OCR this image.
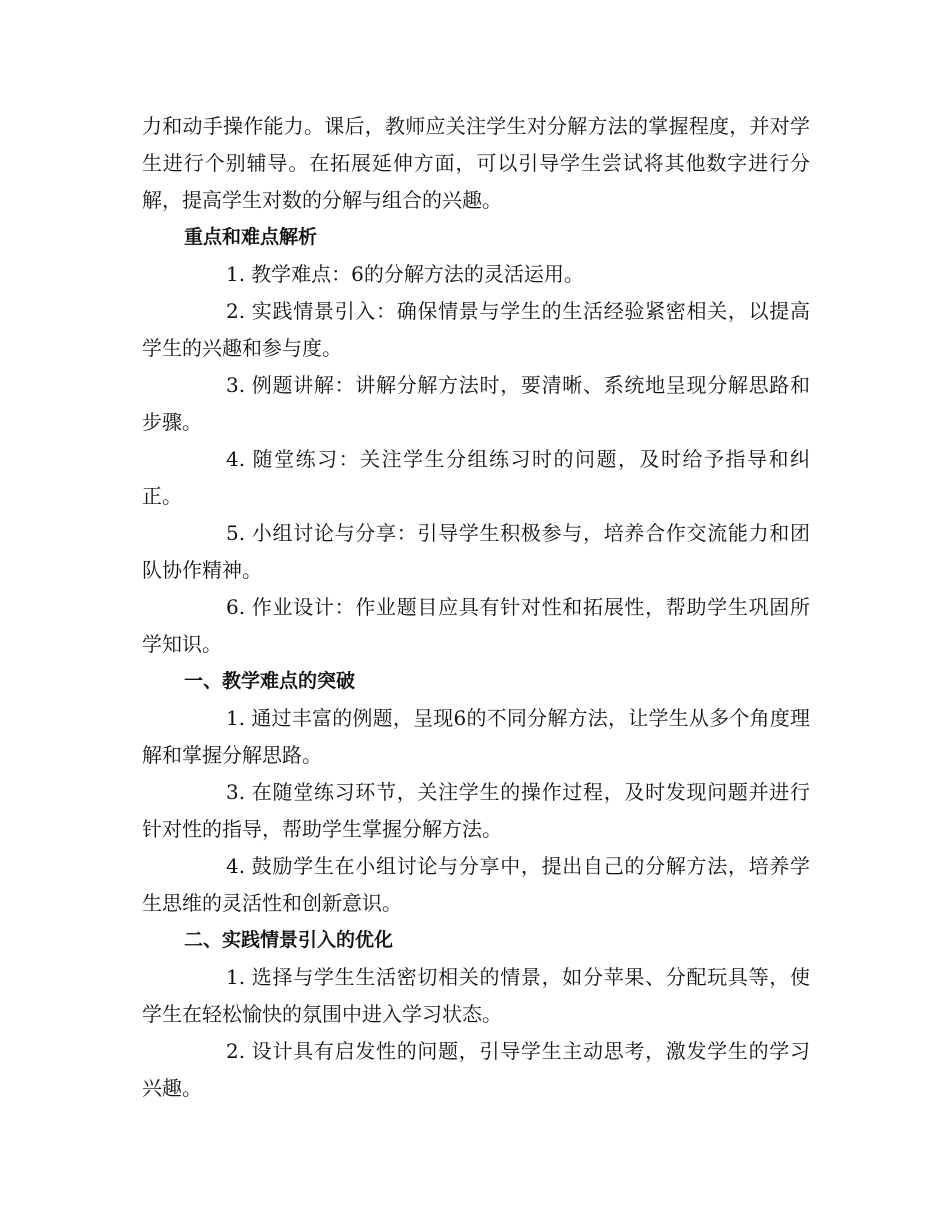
力和动手操作能力。课后，教师应关注学生对分解方法的掌握程度，并对学生进行个别辅导。在拓展延伸方面，可以引导学生尝试将其他数字进行分解，提高学生对数的分解与组合的兴趣。

重点和难点解析

1. 教学难点：6的分解方法的灵活运用。

2. 实践情景引入：确保情景与学生的生活经验紧密相关，以提高学生的兴趣和参与度。

3. 例题讲解：讲解分解方法时，要清晰、系统地呈现分解思路和步骤。

4. 随堂练习：关注学生分组练习时的问题，及时给予指导和纠正。

5. 小组讨论与分享：引导学生积极参与，培养合作交流能力和团队协作精神。

6. 作业设计：作业题目应具有针对性和拓展性，帮助学生巩固所学知识。

一、教学难点的突破

1. 通过丰富的例题，呈现6的不同分解方法，让学生从多个角度理解和掌握分解思路。

3. 在随堂练习环节，关注学生的操作过程，及时发现问题并进行针对性的指导，帮助学生掌握分解方法。

4. 鼓励学生在小组讨论与分享中，提出自己的分解方法，培养学生思维的灵活性和创新意识。

二、实践情景引入的优化

1. 选择与学生生活密切相关的情景，如分苹果、分配玩具等，使学生在轻松愉快的氛围中进入学习状态。

2. 设计具有启发性的问题，引导学生主动思考，激发学生的学习兴趣。
